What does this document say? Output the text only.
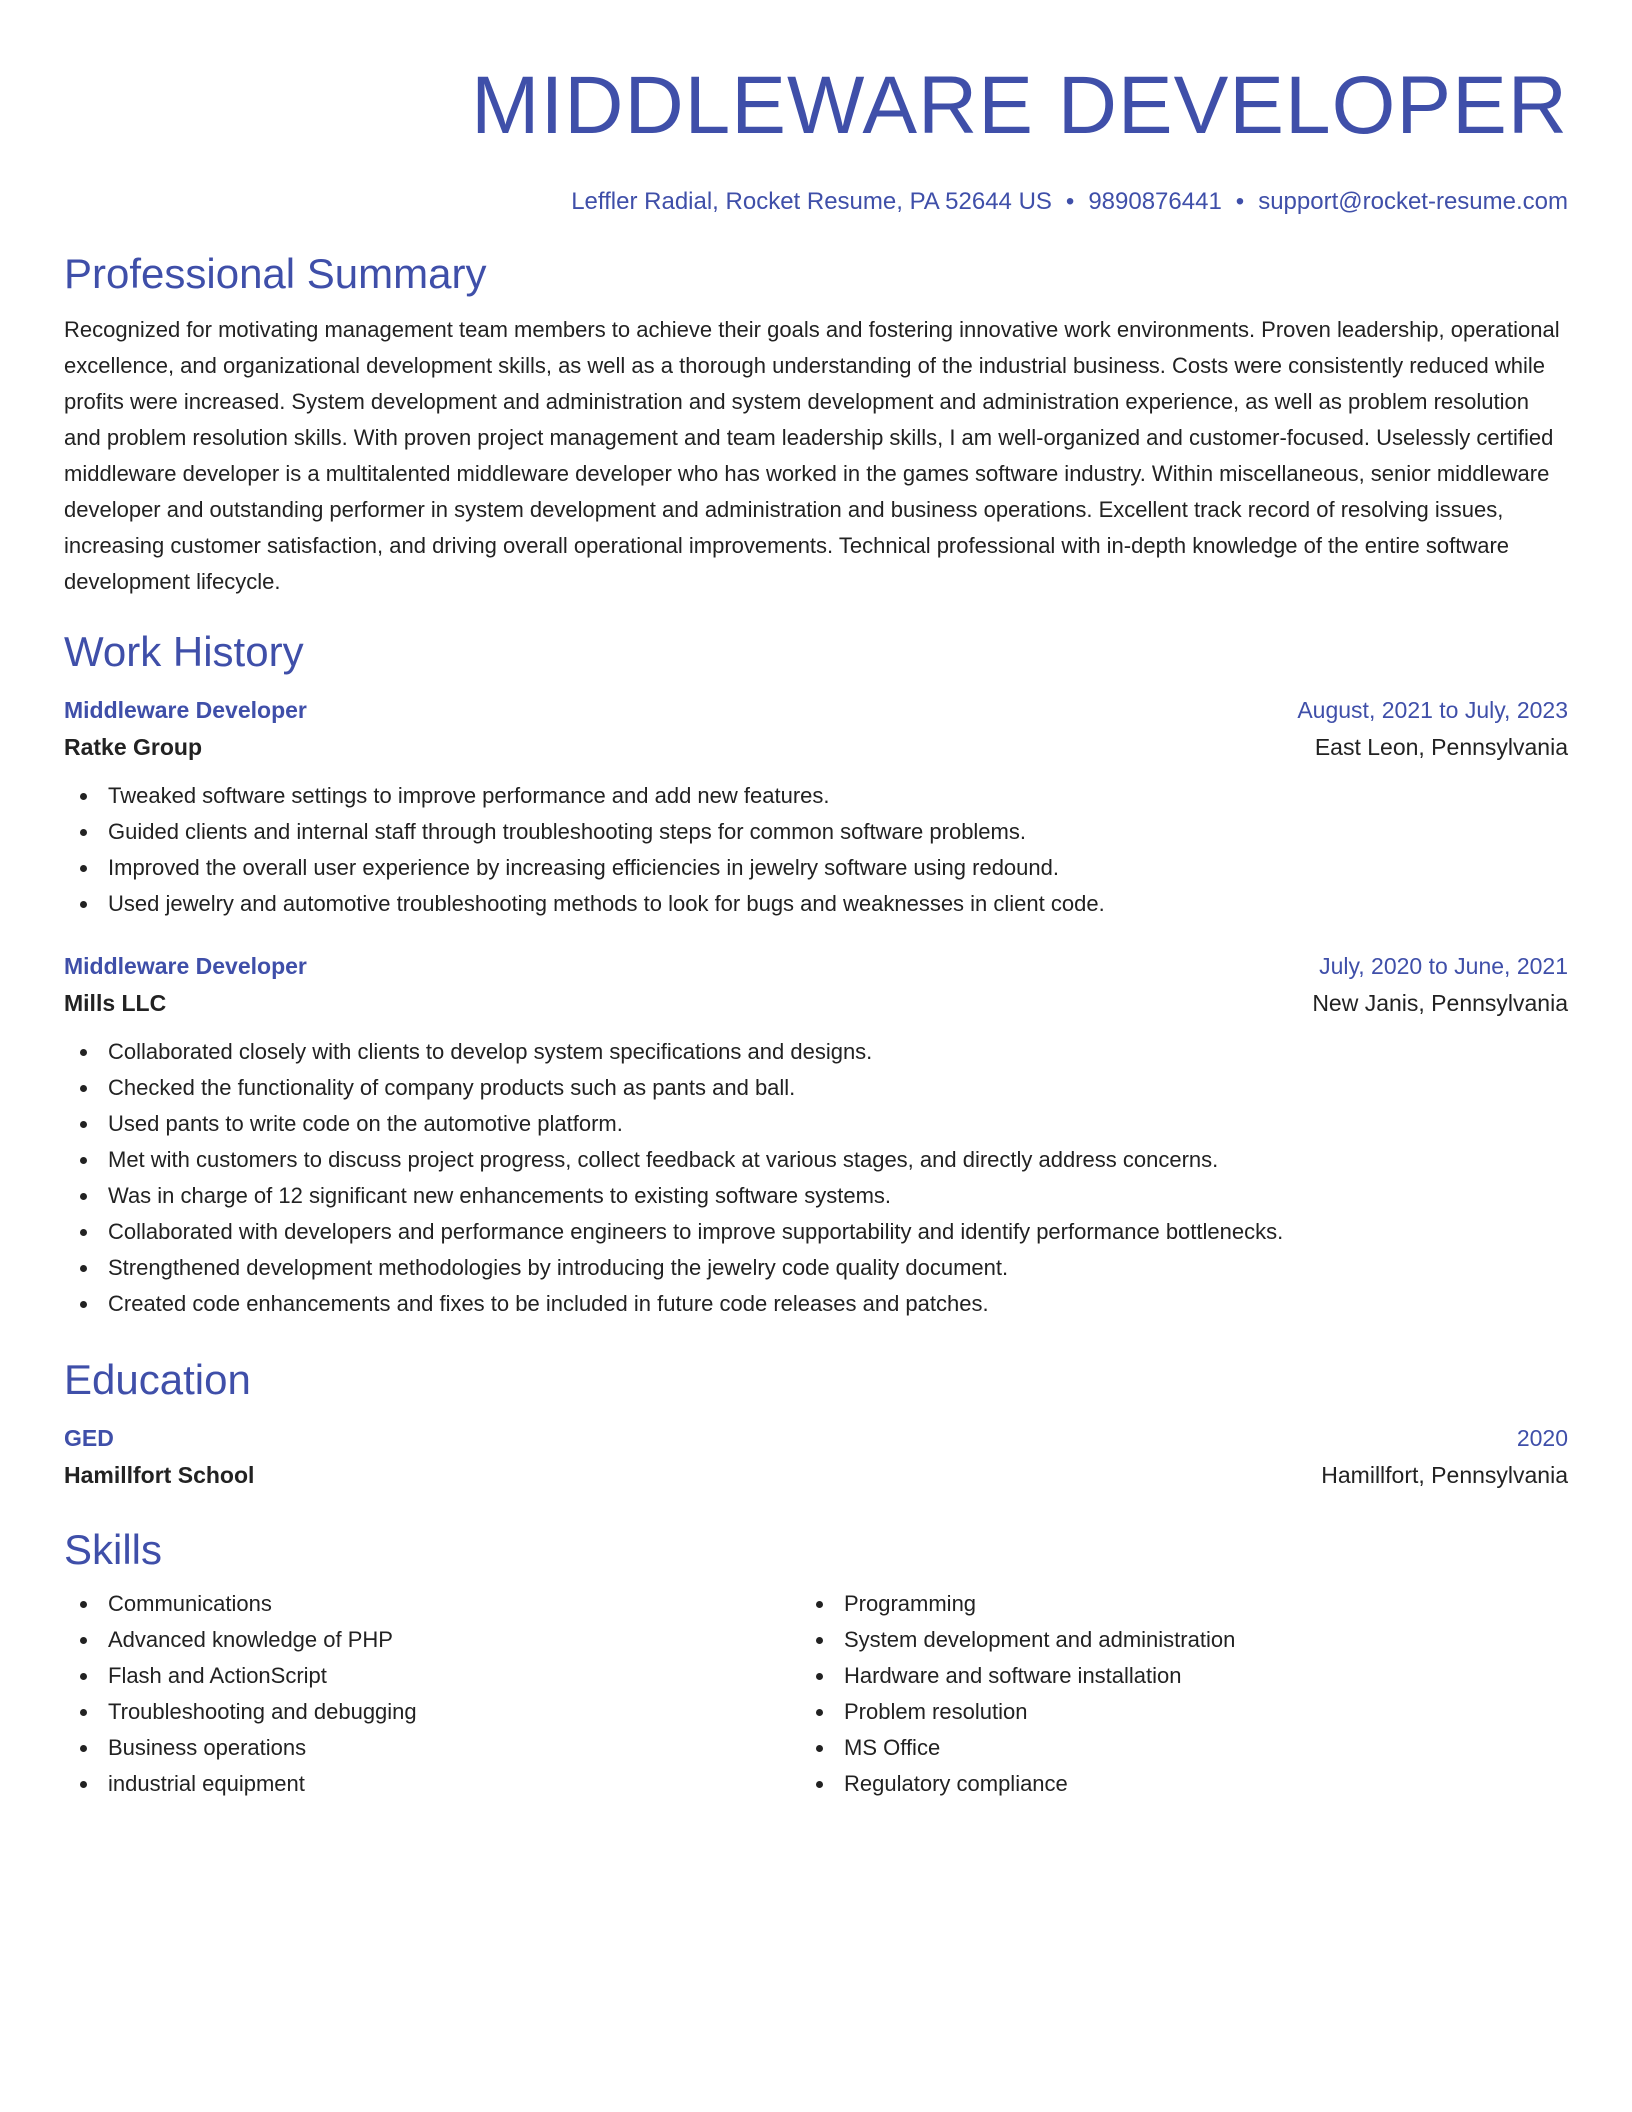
MIDDLEWARE DEVELOPER
Leffler Radial, Rocket Resume, PA 52644 US • 9890876441 • support@rocket-resume.com
Professional Summary
Recognized for motivating management team members to achieve their goals and fostering innovative work environments. Proven leadership, operational excellence, and organizational development skills, as well as a thorough understanding of the industrial business. Costs were consistently reduced while profits were increased. System development and administration and system development and administration experience, as well as problem resolution and problem resolution skills. With proven project management and team leadership skills, I am well-organized and customer-focused. Uselessly certified middleware developer is a multitalented middleware developer who has worked in the games software industry. Within miscellaneous, senior middleware developer and outstanding performer in system development and administration and business operations. Excellent track record of resolving issues, increasing customer satisfaction, and driving overall operational improvements. Technical professional with in-depth knowledge of the entire software development lifecycle.
Work History
Middleware Developer	August, 2021 to July, 2023
Ratke Group	East Leon, Pennsylvania
Tweaked software settings to improve performance and add new features.
Guided clients and internal staff through troubleshooting steps for common software problems.
Improved the overall user experience by increasing efficiencies in jewelry software using redound.
Used jewelry and automotive troubleshooting methods to look for bugs and weaknesses in client code.
Middleware Developer	July, 2020 to June, 2021
Mills LLC	New Janis, Pennsylvania
Collaborated closely with clients to develop system specifications and designs.
Checked the functionality of company products such as pants and ball.
Used pants to write code on the automotive platform.
Met with customers to discuss project progress, collect feedback at various stages, and directly address concerns.
Was in charge of 12 significant new enhancements to existing software systems.
Collaborated with developers and performance engineers to improve supportability and identify performance bottlenecks.
Strengthened development methodologies by introducing the jewelry code quality document.
Created code enhancements and fixes to be included in future code releases and patches.
Education
GED	2020
Hamillfort School	Hamillfort, Pennsylvania
Skills
Communications
Advanced knowledge of PHP
Flash and ActionScript
Troubleshooting and debugging
Business operations
industrial equipment
Programming
System development and administration
Hardware and software installation
Problem resolution
MS Office
Regulatory compliance
